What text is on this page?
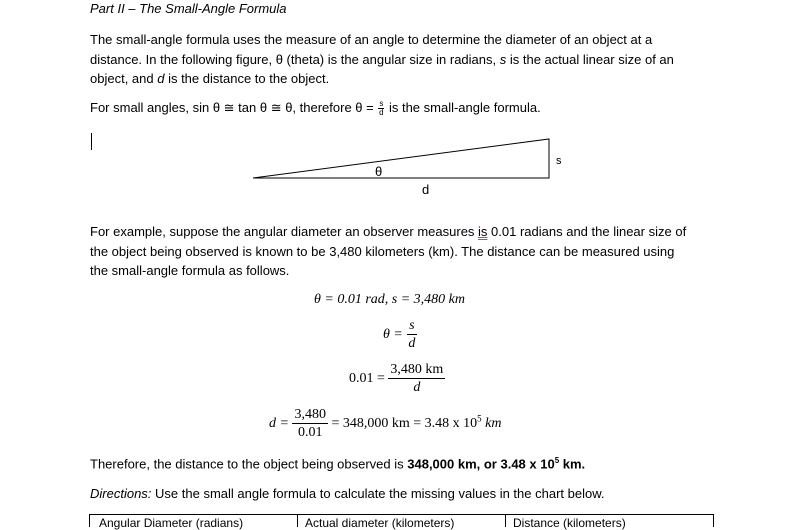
Part II – The Small-Angle Formula
The small-angle formula uses the measure of an angle to determine the diameter of an object at a
distance. In the following figure, θ (theta) is the angular size in radians, s is the actual linear size of an
object, and d is the distance to the object.
For small angles, sin θ ≅ tan θ ≅ θ, therefore $\theta = \frac{s}{d}$ is the small-angle formula.
θ
d
s
For example, suppose the angular diameter an observer measures is 0.01 radians and the linear size of
the object being observed is known to be 3,480 kilometers (km). The distance can be measured using
the small-angle formula as follows.
θ = 0.01 rad, s = 3,480 km
$\theta = \frac{s}{d}$
$0.01 = \frac{3,480 km}{d}$
$d = \frac{3,480}{0.01} = 348,000$ km = 3.48 x $10^5$ km
Therefore, the distance to the object being observed is 348,000 km, or 3.48 x $10^5$ km.
Directions: Use the small angle formula to calculate the missing values in the chart below.
Angular Diameter (radians)	Actual diameter (kilometers)	Distance (kilometers)
